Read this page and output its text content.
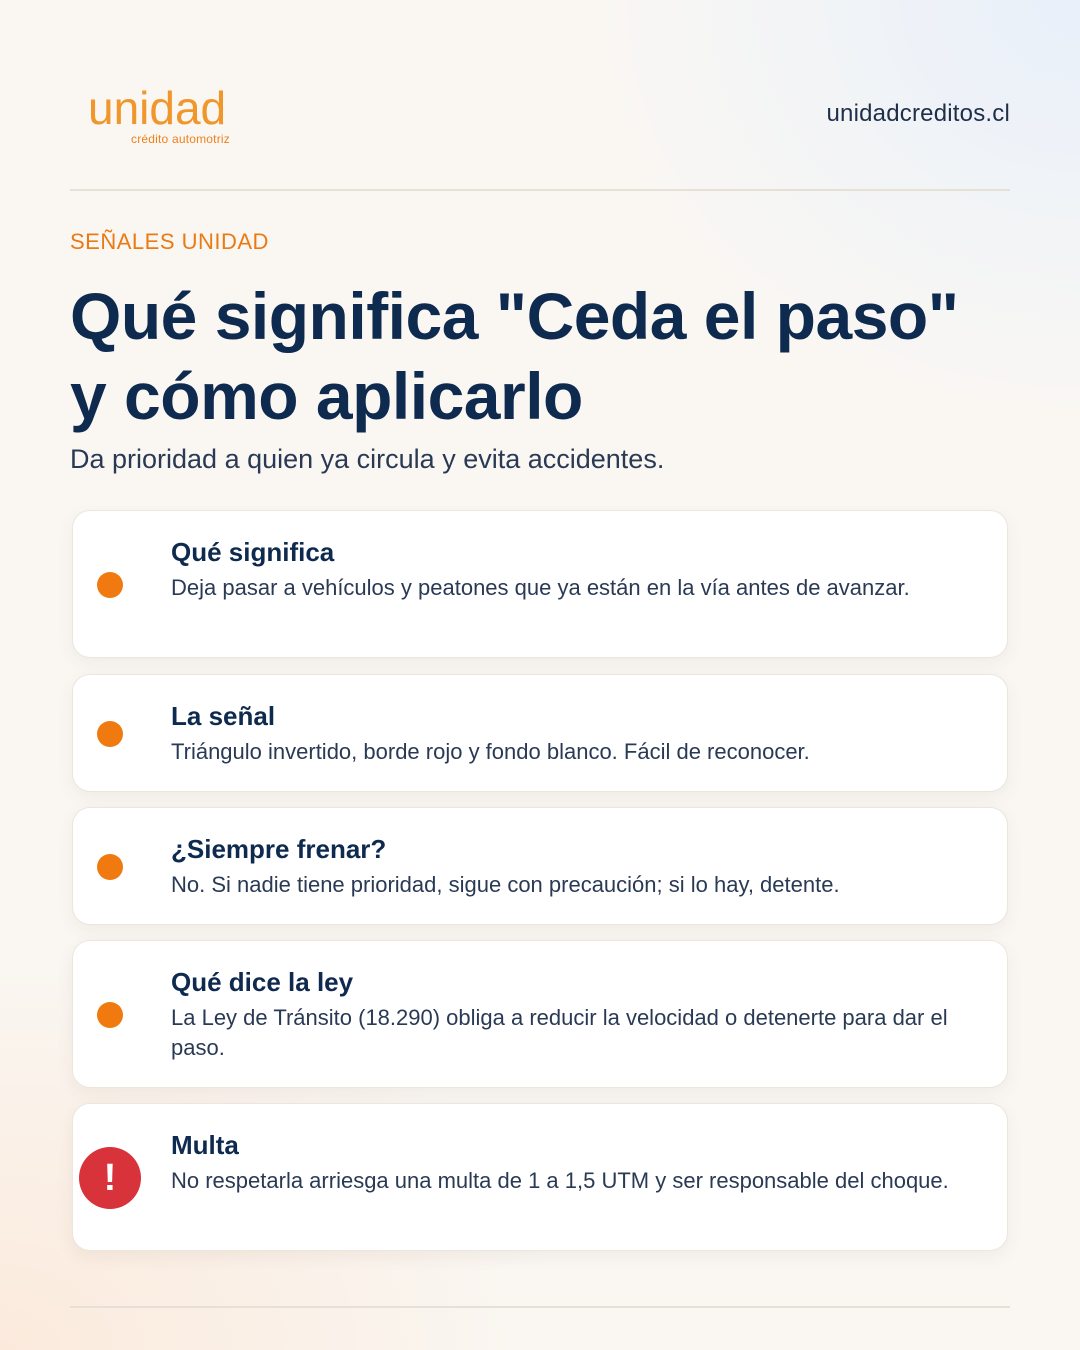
unidad
crédito automotriz
unidadcreditos.cl
SEÑALES UNIDAD
Qué significa "Ceda el paso" y cómo aplicarlo
Da prioridad a quien ya circula y evita accidentes.
Qué significa
Deja pasar a vehículos y peatones que ya están en la vía antes de avanzar.
La señal
Triángulo invertido, borde rojo y fondo blanco. Fácil de reconocer.
¿Siempre frenar?
No. Si nadie tiene prioridad, sigue con precaución; si lo hay, detente.
Qué dice la ley
La Ley de Tránsito (18.290) obliga a reducir la velocidad o detenerte para dar el paso.
!
Multa
No respetarla arriesga una multa de 1 a 1,5 UTM y ser responsable del choque.
